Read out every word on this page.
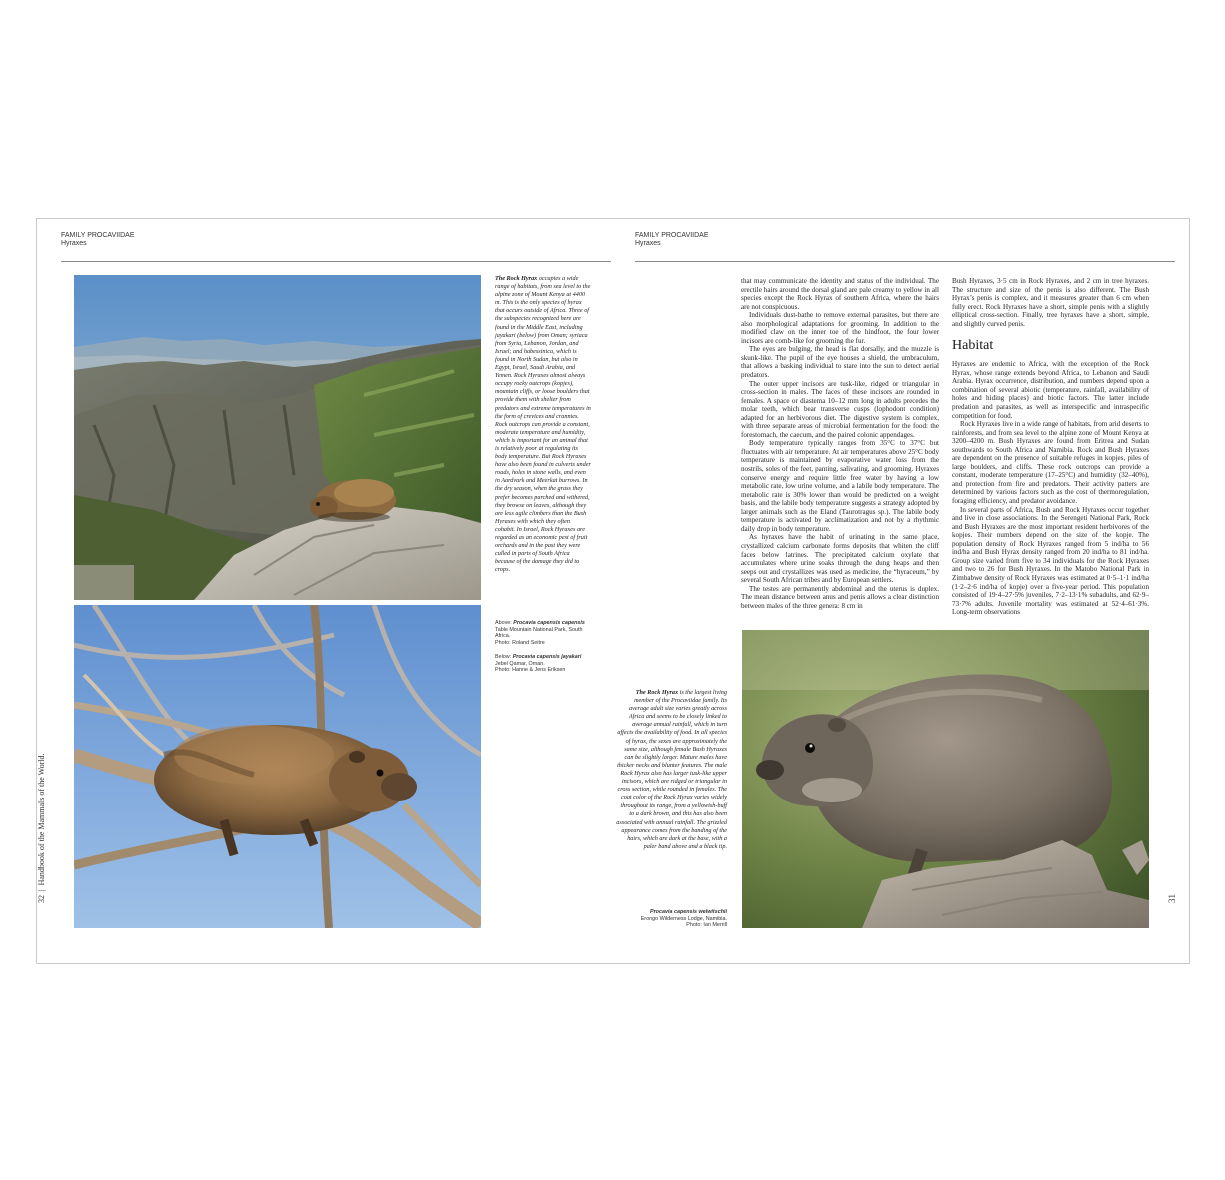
FAMILY PROCAVIIDAE
Hyraxes
The Rock Hyrax occupies a wide range of habitats, from sea level to the alpine zone of Mount Kenya at 4400 m. This is the only species of hyrax that occurs outside of Africa. Three of the subspecies recognized here are found in the Middle East, including jayakari (below) from Oman; syriaca from Syria, Lebanon, Jordan, and Israel; and habessinica, which is found in North Sudan, but also in Egypt, Israel, Saudi Arabia, and Yemen. Rock Hyraxes almost always occupy rocky outcrops (kopjes), mountain cliffs, or loose boulders that provide them with shelter from predators and extreme temperatures in the form of crevices and crannies. Rock outcrops can provide a constant, moderate temperature and humidity, which is important for an animal that is relatively poor at regulating its body temperature. But Rock Hyraxes have also been found in culverts under roads, holes in stone walls, and even in Aardvark and Meerkat burrows. In the dry season, when the grass they prefer becomes parched and withered, they browse on leaves, although they are less agile climbers than the Bush Hyraxes with which they often cohabit. In Israel, Rock Hyraxes are regarded as an economic pest of fruit orchards and in the past they were culled in parts of South Africa because of the damage they did to crops.
Above: Procavia capensis capensis
Table Mountain National Park, South Africa.
Photo: Roland Seitre
Below: Procavia capensis jayakari
Jebel Qamar, Oman.
Photo: Hanne & Jens Eriksen
32  |  Handbook of the Mammals of the World.
FAMILY PROCAVIIDAE
Hyraxes

that may communicate the identity and status of the individual. The erectile hairs around the dorsal gland are pale creamy to yellow in all species except the Rock Hyrax of southern Africa, where the hairs are not conspicuous.

Individuals dust-bathe to remove external parasites, but there are also morphological adaptations for grooming. In addition to the modified claw on the inner toe of the hindfoot, the four lower incisors are comb-like for grooming the fur.

The eyes are bulging, the head is flat dorsally, and the muzzle is skunk-like. The pupil of the eye houses a shield, the umbraculum, that allows a basking individual to stare into the sun to detect aerial predators.

The outer upper incisors are tusk-like, ridged or triangular in cross-section in males. The faces of these incisors are rounded in females. A space or diastema 10–12 mm long in adults precedes the molar teeth, which bear transverse cusps (lophodont condition) adapted for an herbivorous diet. The digestive system is complex, with three separate areas of microbial fermentation for the food: the forestomach, the caecum, and the paired colonic appendages.

Body temperature typically ranges from 35°C to 37°C but fluctuates with air temperature. At air temperatures above 25°C body temperature is maintained by evaporative water loss from the nostrils, soles of the feet, panting, salivating, and grooming. Hyraxes conserve energy and require little free water by having a low metabolic rate, low urine volume, and a labile body temperature. The metabolic rate is 30% lower than would be predicted on a weight basis, and the labile body temperature suggests a strategy adopted by larger animals such as the Eland (Taurotragus sp.). The labile body temperature is activated by acclimatization and not by a rhythmic daily drop in body temperature.

As hyraxes have the habit of urinating in the same place, crystallized calcium carbonate forms deposits that whiten the cliff faces below latrines. The precipitated calcium oxylate that accumulates where urine soaks through the dung heaps and then seeps out and crystallizes was used as medicine, the “hyraceum,” by several South African tribes and by European settlers.

The testes are permanently abdominal and the uterus is duplex. The mean distance between anus and penis allows a clear distinction between males of the three genera: 8 cm in

Bush Hyraxes, 3·5 cm in Rock Hyraxes, and 2 cm in tree hyraxes. The structure and size of the penis is also different. The Bush Hyrax’s penis is complex, and it measures greater than 6 cm when fully erect. Rock Hyraxes have a short, simple penis with a slightly elliptical cross-section. Finally, tree hyraxes have a short, simple, and slightly curved penis.

Habitat

Hyraxes are endemic to Africa, with the exception of the Rock Hyrax, whose range extends beyond Africa, to Lebanon and Saudi Arabia. Hyrax occurrence, distribution, and numbers depend upon a combination of several abiotic (temperature, rainfall, availability of holes and hiding places) and biotic factors. The latter include predation and parasites, as well as interspecific and intraspecific competition for food.

Rock Hyraxes live in a wide range of habitats, from arid deserts to rainforests, and from sea level to the alpine zone of Mount Kenya at 3200–4200 m. Bush Hyraxes are found from Eritrea and Sudan southwards to South Africa and Namibia. Rock and Bush Hyraxes are dependent on the presence of suitable refuges in kopjes, piles of large boulders, and cliffs. These rock outcrops can provide a constant, moderate temperature (17–25°C) and humidity (32–40%), and protection from fire and predators. Their activity patters are determined by various factors such as the cost of thermoregulation, foraging efficiency, and predator avoidance.

In several parts of Africa, Bush and Rock Hyraxes occur together and live in close associations. In the Serengeti National Park, Rock and Bush Hyraxes are the most important resident herbivores of the kopjes. Their numbers depend on the size of the kopje. The population density of Rock Hyraxes ranged from 5 ind/ha to 56 ind/ha and Bush Hyrax density ranged from 20 ind/ha to 81 ind/ha. Group size varied from five to 34 individuals for the Rock Hyraxes and two to 26 for Bush Hyraxes. In the Matobo National Park in Zimbabwe density of Rock Hyraxes was estimated at 0·5–1·1 ind/ha (1·2–2·6 ind/ha of kopje) over a five-year period. This population consisted of 19·4–27·5% juveniles, 7·2–13·1% subadults, and 62·9–73·7% adults. Juvenile mortality was estimated at 52·4–61·3%. Long-term observations

The Rock Hyrax is the largest living member of the Procaviidae family. Its average adult size varies greatly across Africa and seems to be closely linked to average annual rainfall, which in turn affects the availability of food. In all species of hyrax, the sexes are approximately the same size, although female Bush Hyraxes can be slightly larger. Mature males have thicker necks and blunter features. The male Rock Hyrax also has larger tusk-like upper incisors, which are ridged or triangular in cross section, while rounded in females. The coat color of the Rock Hyrax varies widely throughout its range, from a yellowish-buff to a dark brown, and this has also been associated with annual rainfall. The grizzled appearance comes from the banding of the hairs, which are dark at the base, with a paler band above and a black tip.
Procavia capensis welwitschii
Erongo Wilderness Lodge, Namibia.
Photo: Ian Merrill
31
